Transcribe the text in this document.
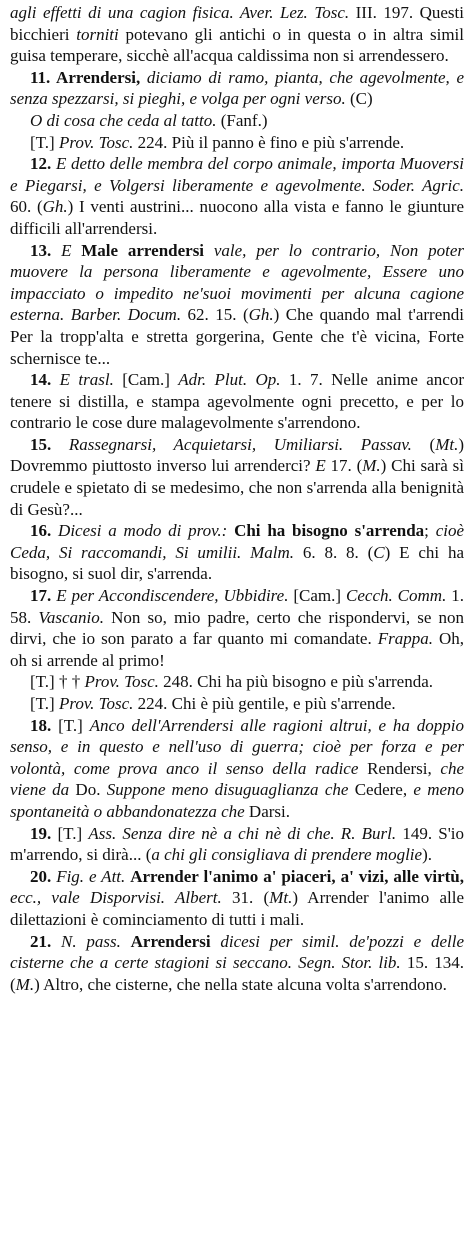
agli effetti di una cagion fisica. Aver. Lez. Tosc. III. 197. Questi bicchieri torniti potevano gli antichi o in questa o in altra simil guisa temperare, sicchè all'acqua caldissima non si arrendessero.

11. Arrendersi, diciamo di ramo, pianta, che agevolmente, e senza spezzarsi, si pieghi, e volga per ogni verso. (C)

O di cosa che ceda al tatto. (Fanf.)

[T.] Prov. Tosc. 224. Più il panno è fino e più s'arrende.

12. E detto delle membra del corpo animale, importa Muoversi e Piegarsi, e Volgersi liberamente e agevolmente. Soder. Agric. 60. (Gh.) I venti austrini... nuocono alla vista e fanno le giunture difficili all'arrendersi.

13. E Male arrendersi vale, per lo contrario, Non poter muovere la persona liberamente e agevolmente, Essere uno impacciato o impedito ne'suoi movimenti per alcuna cagione esterna. Barber. Docum. 62. 15. (Gh.) Che quando mal t'arrendi Per la tropp'alta e stretta gorgerina, Gente che t'è vicina, Forte schernisce te...

14. E trasl. [Cam.] Adr. Plut. Op. 1. 7. Nelle anime ancor tenere si distilla, e stampa agevolmente ogni precetto, e per lo contrario le cose dure malagevolmente s'arrendono.

15. Rassegnarsi, Acquietarsi, Umiliarsi. Passav. (Mt.) Dovremmo piuttosto inverso lui arrenderci? E 17. (M.) Chi sarà sì crudele e spietato di se medesimo, che non s'arrenda alla benignità di Gesù?...

16. Dicesi a modo di prov.: Chi ha bisogno s'arrenda; cioè Ceda, Si raccomandi, Si umilii. Malm. 6. 8. 8. (C) E chi ha bisogno, si suol dir, s'arrenda.

17. E per Accondiscendere, Ubbidire. [Cam.] Cecch. Comm. 1. 58. Vascanio. Non so, mio padre, certo che rispondervi, se non dirvi, che io son parato a far quanto mi comandate. Frappa. Oh, oh si arrende al primo!

[T.] † † Prov. Tosc. 248. Chi ha più bisogno e più s'arrenda.

[T.] Prov. Tosc. 224. Chi è più gentile, e più s'arrende.

18. [T.] Anco dell'Arrendersi alle ragioni altrui, e ha doppio senso, e in questo e nell'uso di guerra; cioè per forza e per volontà, come prova anco il senso della radice Rendersi, che viene da Do. Suppone meno disuguaglianza che Cedere, e meno spontaneità o abbandonatezza che Darsi.

19. [T.] Ass. Senza dire nè a chi nè di che. R. Burl. 149. S'io m'arrendo, si dirà... (a chi gli consigliava di prendere moglie).

20. Fig. e Att. Arrender l'animo a' piaceri, a' vizi, alle virtù, ecc., vale Disporvisi. Albert. 31. (Mt.) Arrender l'animo alle dilettazioni è cominciamento di tutti i mali.

21. N. pass. Arrendersi dicesi per simil. de'pozzi e delle cisterne che a certe stagioni si seccano. Segn. Stor. lib. 15. 134. (M.) Altro, che cisterne, che nella state alcuna volta s'arrendono.
